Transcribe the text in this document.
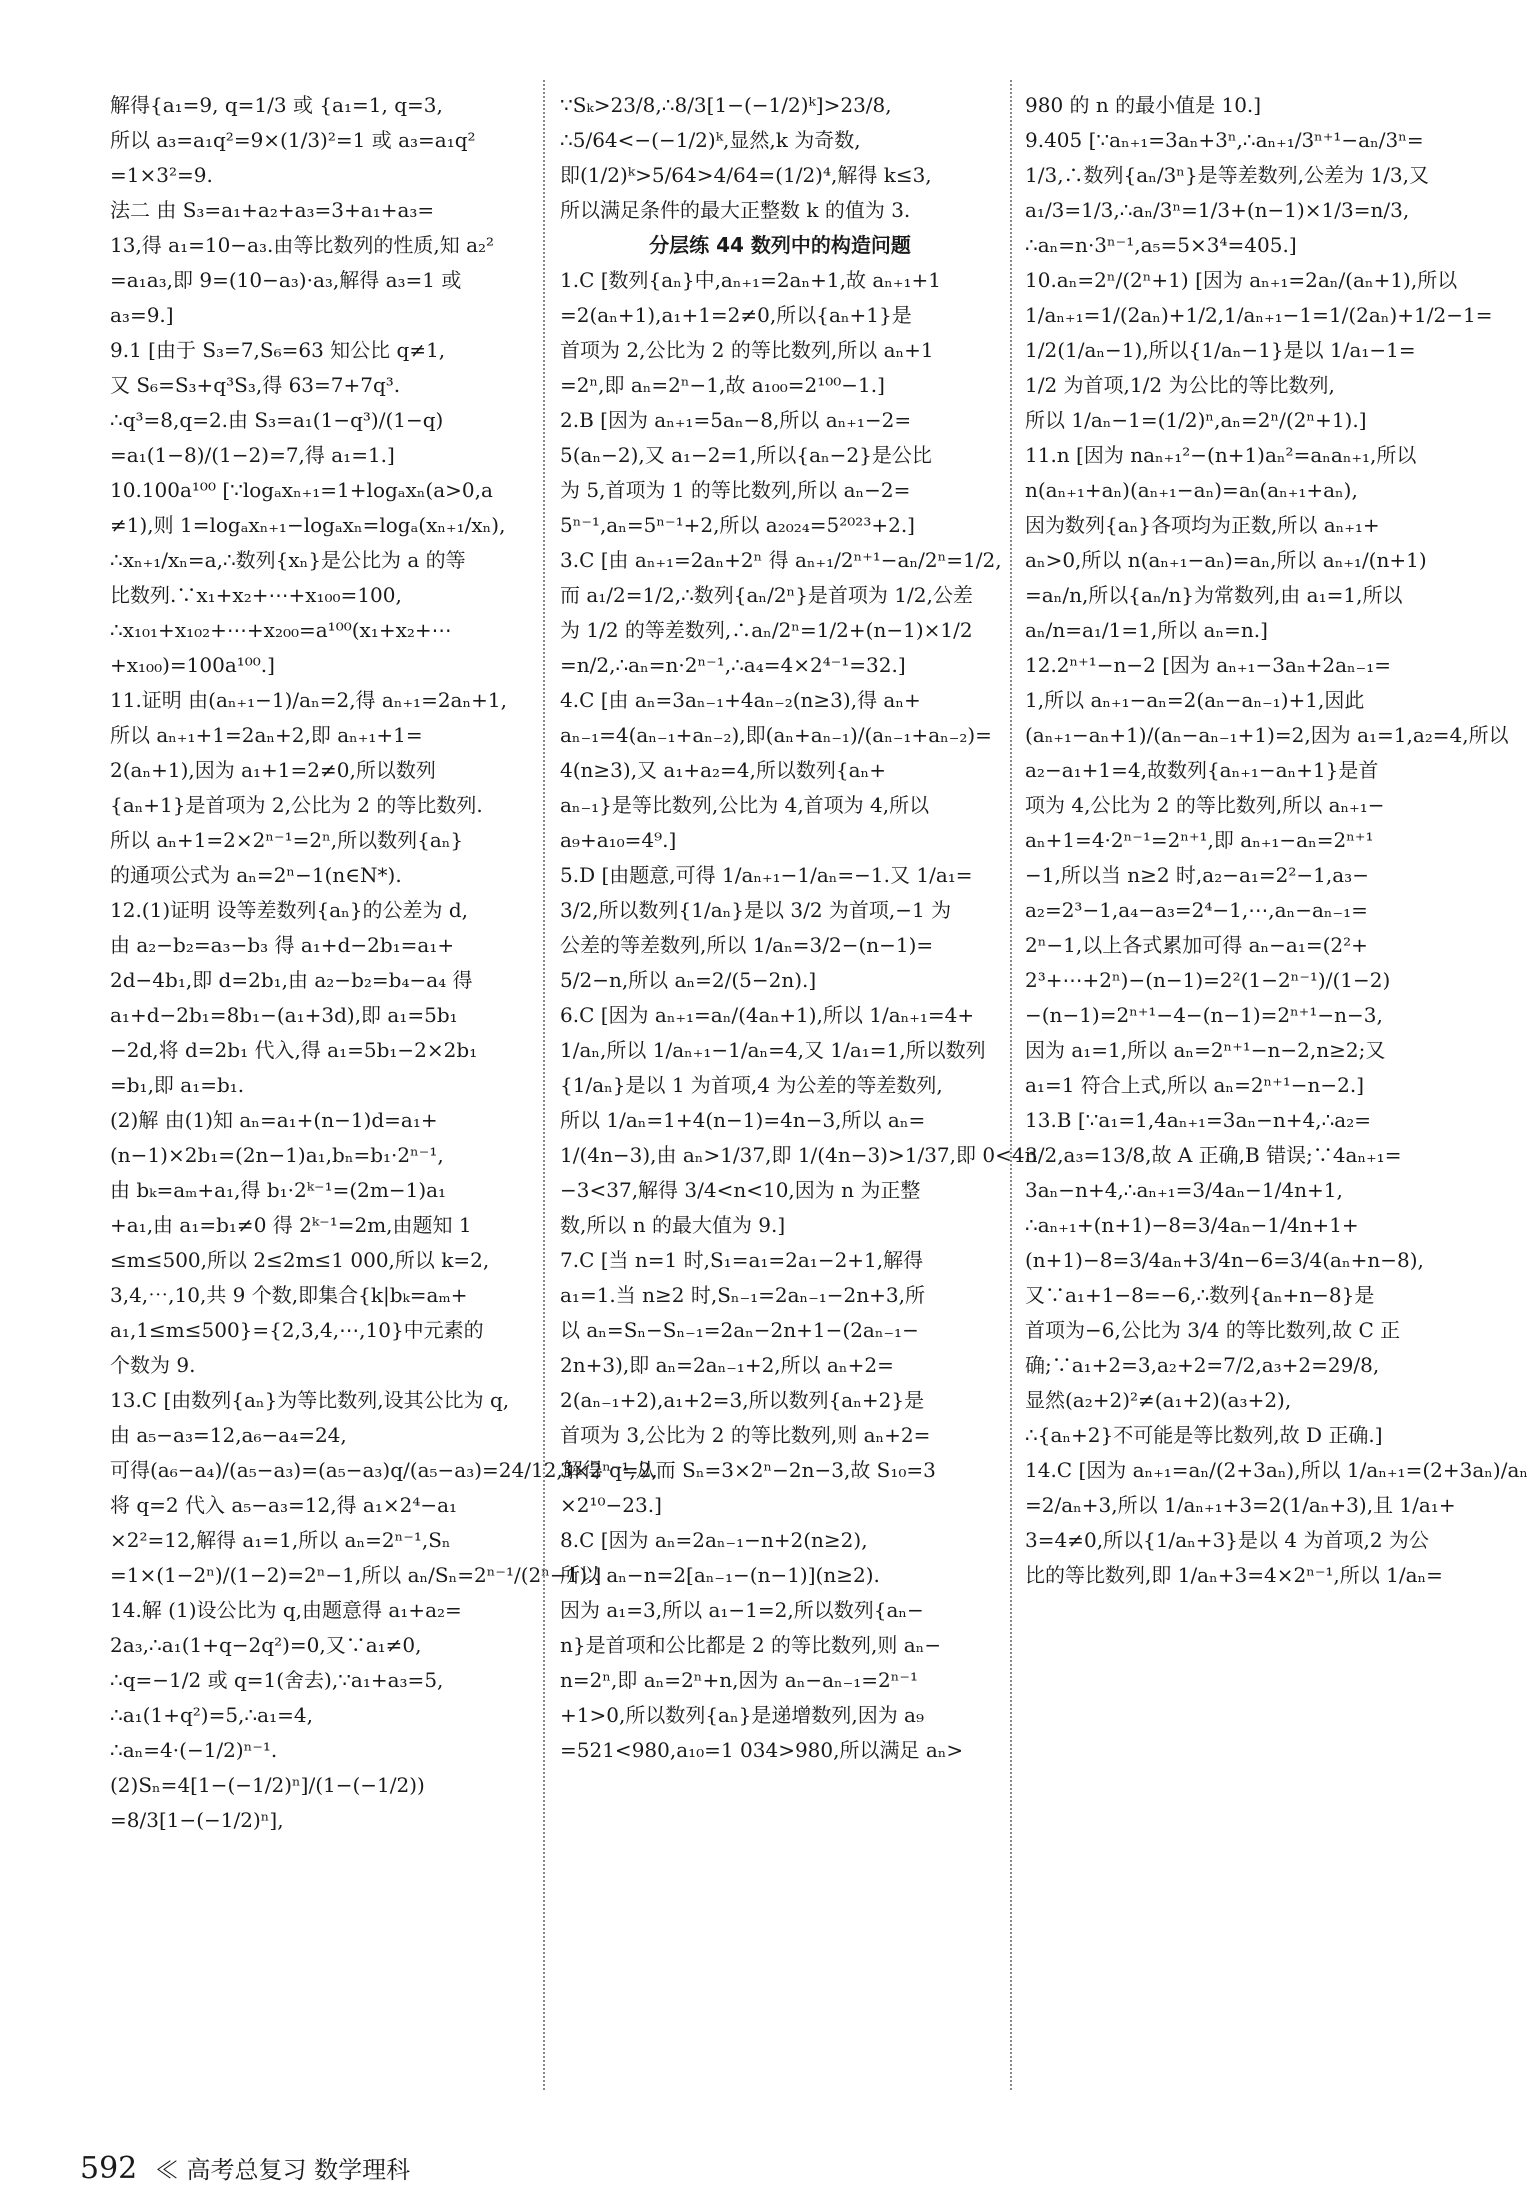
解得{a₁=9, q=1/3 或 {a₁=1, q=3,
所以 a₃=a₁q²=9×(1/3)²=1 或 a₃=a₁q²
=1×3²=9.
法二 由 S₃=a₁+a₂+a₃=3+a₁+a₃=
13,得 a₁=10−a₃.由等比数列的性质,知 a₂²
=a₁a₃,即 9=(10−a₃)·a₃,解得 a₃=1 或
a₃=9.]
9.1 [由于 S₃=7,S₆=63 知公比 q≠1,
又 S₆=S₃+q³S₃,得 63=7+7q³.
∴q³=8,q=2.由 S₃=a₁(1−q³)/(1−q)
=a₁(1−8)/(1−2)=7,得 a₁=1.]
10.100a¹⁰⁰ [∵logₐxₙ₊₁=1+logₐxₙ(a>0,a
≠1),则 1=logₐxₙ₊₁−logₐxₙ=logₐ(xₙ₊₁/xₙ),
∴xₙ₊₁/xₙ=a,∴数列{xₙ}是公比为 a 的等
比数列.∵x₁+x₂+⋯+x₁₀₀=100,
∴x₁₀₁+x₁₀₂+⋯+x₂₀₀=a¹⁰⁰(x₁+x₂+⋯
+x₁₀₀)=100a¹⁰⁰.]
11.证明 由(aₙ₊₁−1)/aₙ=2,得 aₙ₊₁=2aₙ+1,
所以 aₙ₊₁+1=2aₙ+2,即 aₙ₊₁+1=
2(aₙ+1),因为 a₁+1=2≠0,所以数列
{aₙ+1}是首项为 2,公比为 2 的等比数列.
所以 aₙ+1=2×2ⁿ⁻¹=2ⁿ,所以数列{aₙ}
的通项公式为 aₙ=2ⁿ−1(n∈N*).
12.(1)证明 设等差数列{aₙ}的公差为 d,
由 a₂−b₂=a₃−b₃ 得 a₁+d−2b₁=a₁+
2d−4b₁,即 d=2b₁,由 a₂−b₂=b₄−a₄ 得
a₁+d−2b₁=8b₁−(a₁+3d),即 a₁=5b₁
−2d,将 d=2b₁ 代入,得 a₁=5b₁−2×2b₁
=b₁,即 a₁=b₁.
(2)解 由(1)知 aₙ=a₁+(n−1)d=a₁+
(n−1)×2b₁=(2n−1)a₁,bₙ=b₁·2ⁿ⁻¹,
由 bₖ=aₘ+a₁,得 b₁·2ᵏ⁻¹=(2m−1)a₁
+a₁,由 a₁=b₁≠0 得 2ᵏ⁻¹=2m,由题知 1
≤m≤500,所以 2≤2m≤1 000,所以 k=2,
3,4,⋯,10,共 9 个数,即集合{k|bₖ=aₘ+
a₁,1≤m≤500}={2,3,4,⋯,10}中元素的
个数为 9.
13.C [由数列{aₙ}为等比数列,设其公比为 q,
由 a₅−a₃=12,a₆−a₄=24,
可得(a₆−a₄)/(a₅−a₃)=(a₅−a₃)q/(a₅−a₃)=24/12,解得 q=2,
将 q=2 代入 a₅−a₃=12,得 a₁×2⁴−a₁
×2²=12,解得 a₁=1,所以 aₙ=2ⁿ⁻¹,Sₙ
=1×(1−2ⁿ)/(1−2)=2ⁿ−1,所以 aₙ/Sₙ=2ⁿ⁻¹/(2ⁿ−1).]
14.解 (1)设公比为 q,由题意得 a₁+a₂=
2a₃,∴a₁(1+q−2q²)=0,又∵a₁≠0,
∴q=−1/2 或 q=1(舍去),∵a₁+a₃=5,
∴a₁(1+q²)=5,∴a₁=4,
∴aₙ=4·(−1/2)ⁿ⁻¹.
(2)Sₙ=4[1−(−1/2)ⁿ]/(1−(−1/2))
=8/3[1−(−1/2)ⁿ],
∵Sₖ>23/8,∴8/3[1−(−1/2)ᵏ]>23/8,
∴5/64<−(−1/2)ᵏ,显然,k 为奇数,
即(1/2)ᵏ>5/64>4/64=(1/2)⁴,解得 k≤3,
所以满足条件的最大正整数 k 的值为 3.
分层练 44 数列中的构造问题
1.C [数列{aₙ}中,aₙ₊₁=2aₙ+1,故 aₙ₊₁+1
=2(aₙ+1),a₁+1=2≠0,所以{aₙ+1}是
首项为 2,公比为 2 的等比数列,所以 aₙ+1
=2ⁿ,即 aₙ=2ⁿ−1,故 a₁₀₀=2¹⁰⁰−1.]
2.B [因为 aₙ₊₁=5aₙ−8,所以 aₙ₊₁−2=
5(aₙ−2),又 a₁−2=1,所以{aₙ−2}是公比
为 5,首项为 1 的等比数列,所以 aₙ−2=
5ⁿ⁻¹,aₙ=5ⁿ⁻¹+2,所以 a₂₀₂₄=5²⁰²³+2.]
3.C [由 aₙ₊₁=2aₙ+2ⁿ 得 aₙ₊₁/2ⁿ⁺¹−aₙ/2ⁿ=1/2,
而 a₁/2=1/2,∴数列{aₙ/2ⁿ}是首项为 1/2,公差
为 1/2 的等差数列,∴aₙ/2ⁿ=1/2+(n−1)×1/2
=n/2,∴aₙ=n·2ⁿ⁻¹,∴a₄=4×2⁴⁻¹=32.]
4.C [由 aₙ=3aₙ₋₁+4aₙ₋₂(n≥3),得 aₙ+
aₙ₋₁=4(aₙ₋₁+aₙ₋₂),即(aₙ+aₙ₋₁)/(aₙ₋₁+aₙ₋₂)=
4(n≥3),又 a₁+a₂=4,所以数列{aₙ+
aₙ₋₁}是等比数列,公比为 4,首项为 4,所以
a₉+a₁₀=4⁹.]
5.D [由题意,可得 1/aₙ₊₁−1/aₙ=−1.又 1/a₁=
3/2,所以数列{1/aₙ}是以 3/2 为首项,−1 为
公差的等差数列,所以 1/aₙ=3/2−(n−1)=
5/2−n,所以 aₙ=2/(5−2n).]
6.C [因为 aₙ₊₁=aₙ/(4aₙ+1),所以 1/aₙ₊₁=4+
1/aₙ,所以 1/aₙ₊₁−1/aₙ=4,又 1/a₁=1,所以数列
{1/aₙ}是以 1 为首项,4 为公差的等差数列,
所以 1/aₙ=1+4(n−1)=4n−3,所以 aₙ=
1/(4n−3),由 aₙ>1/37,即 1/(4n−3)>1/37,即 0<4n
−3<37,解得 3/4<n<10,因为 n 为正整
数,所以 n 的最大值为 9.]
7.C [当 n=1 时,S₁=a₁=2a₁−2+1,解得
a₁=1.当 n≥2 时,Sₙ₋₁=2aₙ₋₁−2n+3,所
以 aₙ=Sₙ−Sₙ₋₁=2aₙ−2n+1−(2aₙ₋₁−
2n+3),即 aₙ=2aₙ₋₁+2,所以 aₙ+2=
2(aₙ₋₁+2),a₁+2=3,所以数列{aₙ+2}是
首项为 3,公比为 2 的等比数列,则 aₙ+2=
3×2ⁿ⁻¹,从而 Sₙ=3×2ⁿ−2n−3,故 S₁₀=3
×2¹⁰−23.]
8.C [因为 aₙ=2aₙ₋₁−n+2(n≥2),
所以 aₙ−n=2[aₙ₋₁−(n−1)](n≥2).
因为 a₁=3,所以 a₁−1=2,所以数列{aₙ−
n}是首项和公比都是 2 的等比数列,则 aₙ−
n=2ⁿ,即 aₙ=2ⁿ+n,因为 aₙ−aₙ₋₁=2ⁿ⁻¹
+1>0,所以数列{aₙ}是递增数列,因为 a₉
=521<980,a₁₀=1 034>980,所以满足 aₙ>
980 的 n 的最小值是 10.]
9.405 [∵aₙ₊₁=3aₙ+3ⁿ,∴aₙ₊₁/3ⁿ⁺¹−aₙ/3ⁿ=
1/3,∴数列{aₙ/3ⁿ}是等差数列,公差为 1/3,又
a₁/3=1/3,∴aₙ/3ⁿ=1/3+(n−1)×1/3=n/3,
∴aₙ=n·3ⁿ⁻¹,a₅=5×3⁴=405.]
10.aₙ=2ⁿ/(2ⁿ+1) [因为 aₙ₊₁=2aₙ/(aₙ+1),所以
1/aₙ₊₁=1/(2aₙ)+1/2,1/aₙ₊₁−1=1/(2aₙ)+1/2−1=
1/2(1/aₙ−1),所以{1/aₙ−1}是以 1/a₁−1=
1/2 为首项,1/2 为公比的等比数列,
所以 1/aₙ−1=(1/2)ⁿ,aₙ=2ⁿ/(2ⁿ+1).]
11.n [因为 naₙ₊₁²−(n+1)aₙ²=aₙaₙ₊₁,所以
n(aₙ₊₁+aₙ)(aₙ₊₁−aₙ)=aₙ(aₙ₊₁+aₙ),
因为数列{aₙ}各项均为正数,所以 aₙ₊₁+
aₙ>0,所以 n(aₙ₊₁−aₙ)=aₙ,所以 aₙ₊₁/(n+1)
=aₙ/n,所以{aₙ/n}为常数列,由 a₁=1,所以
aₙ/n=a₁/1=1,所以 aₙ=n.]
12.2ⁿ⁺¹−n−2 [因为 aₙ₊₁−3aₙ+2aₙ₋₁=
1,所以 aₙ₊₁−aₙ=2(aₙ−aₙ₋₁)+1,因此
(aₙ₊₁−aₙ+1)/(aₙ−aₙ₋₁+1)=2,因为 a₁=1,a₂=4,所以
a₂−a₁+1=4,故数列{aₙ₊₁−aₙ+1}是首
项为 4,公比为 2 的等比数列,所以 aₙ₊₁−
aₙ+1=4·2ⁿ⁻¹=2ⁿ⁺¹,即 aₙ₊₁−aₙ=2ⁿ⁺¹
−1,所以当 n≥2 时,a₂−a₁=2²−1,a₃−
a₂=2³−1,a₄−a₃=2⁴−1,⋯,aₙ−aₙ₋₁=
2ⁿ−1,以上各式累加可得 aₙ−a₁=(2²+
2³+⋯+2ⁿ)−(n−1)=2²(1−2ⁿ⁻¹)/(1−2)
−(n−1)=2ⁿ⁺¹−4−(n−1)=2ⁿ⁺¹−n−3,
因为 a₁=1,所以 aₙ=2ⁿ⁺¹−n−2,n≥2;又
a₁=1 符合上式,所以 aₙ=2ⁿ⁺¹−n−2.]
13.B [∵a₁=1,4aₙ₊₁=3aₙ−n+4,∴a₂=
3/2,a₃=13/8,故 A 正确,B 错误;∵4aₙ₊₁=
3aₙ−n+4,∴aₙ₊₁=3/4aₙ−1/4n+1,
∴aₙ₊₁+(n+1)−8=3/4aₙ−1/4n+1+
(n+1)−8=3/4aₙ+3/4n−6=3/4(aₙ+n−8),
又∵a₁+1−8=−6,∴数列{aₙ+n−8}是
首项为−6,公比为 3/4 的等比数列,故 C 正
确;∵a₁+2=3,a₂+2=7/2,a₃+2=29/8,
显然(a₂+2)²≠(a₁+2)(a₃+2),
∴{aₙ+2}不可能是等比数列,故 D 正确.]
14.C [因为 aₙ₊₁=aₙ/(2+3aₙ),所以 1/aₙ₊₁=(2+3aₙ)/aₙ
=2/aₙ+3,所以 1/aₙ₊₁+3=2(1/aₙ+3),且 1/a₁+
3=4≠0,所以{1/aₙ+3}是以 4 为首项,2 为公
比的等比数列,即 1/aₙ+3=4×2ⁿ⁻¹,所以 1/aₙ=
592 ≪ 高考总复习 数学理科
